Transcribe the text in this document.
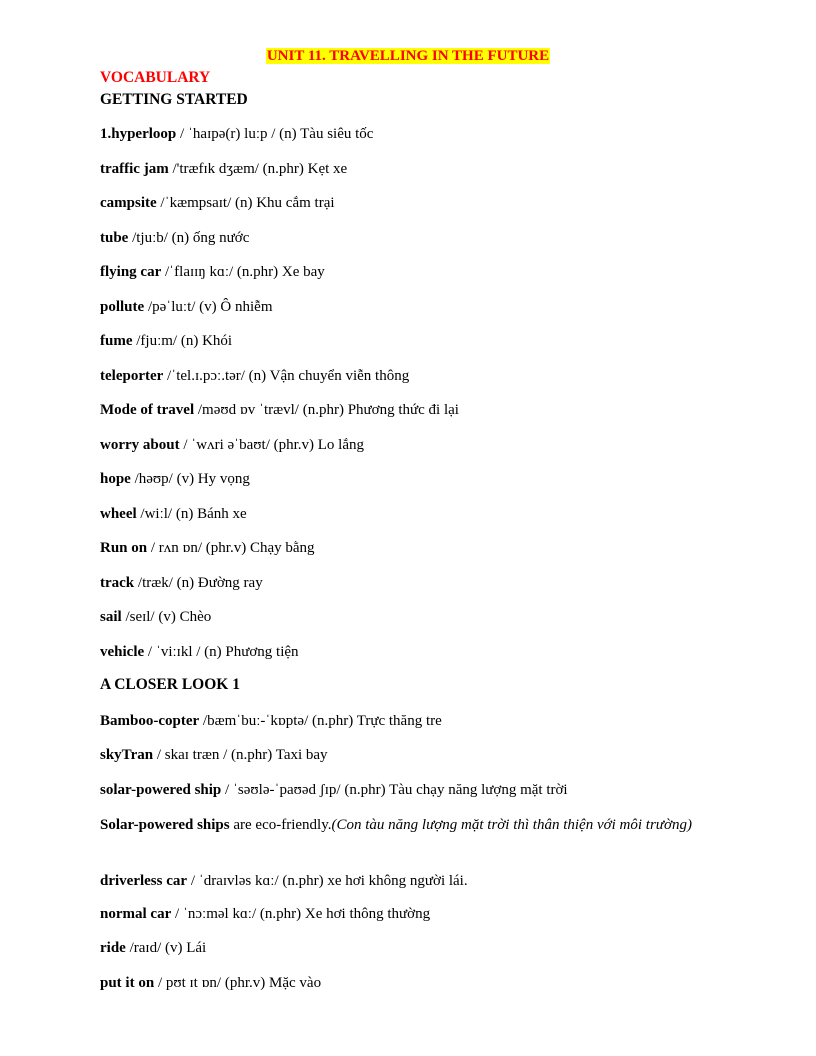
UNIT 11. TRAVELLING IN THE FUTURE

VOCABULARY

GETTING STARTED

1.hyperloop / ˈhaɪpə(r) luːp / (n) Tàu siêu tốc

traffic jam /'træfɪk dʒæm/ (n.phr) Kẹt xe

campsite /ˈkæmpsaɪt/ (n) Khu cắm trại

tube /tjuːb/ (n) ống nước

flying car /ˈflaɪɪŋ kɑː/ (n.phr) Xe bay

pollute /pəˈluːt/ (v) Ô nhiễm

fume /fjuːm/ (n) Khói

teleporter /ˈtel.ɪ.pɔː.tər/ (n) Vận chuyển viễn thông

Mode of travel /məʊd ɒv ˈtrævl/ (n.phr) Phương thức đi lại

worry about / ˈwʌri əˈbaʊt/ (phr.v) Lo lắng

hope /həʊp/ (v) Hy vọng

wheel /wiːl/ (n) Bánh xe

Run on / rʌn ɒn/ (phr.v) Chạy bằng

track /træk/ (n) Đường ray

sail /seɪl/ (v) Chèo

vehicle / ˈviːɪkl / (n) Phương tiện

A CLOSER LOOK 1

Bamboo-copter /bæmˈbuː-ˈkɒptə/ (n.phr) Trực thăng tre

skyTran / skaɪ træn / (n.phr) Taxi bay

solar-powered ship / ˈsəʊlə-ˈpaʊəd ʃɪp/ (n.phr) Tàu chạy năng lượng mặt trời

Solar-powered ships are eco-friendly.(Con tàu năng lượng mặt trời thì thân thiện với môi trường)

driverless car / ˈdraɪvləs kɑː/ (n.phr) xe hơi không người lái.

normal car / ˈnɔːməl kɑː/ (n.phr) Xe hơi thông thường

ride /raɪd/ (v) Lái

put it on / pʊt ɪt ɒn/ (phr.v) Mặc vào
